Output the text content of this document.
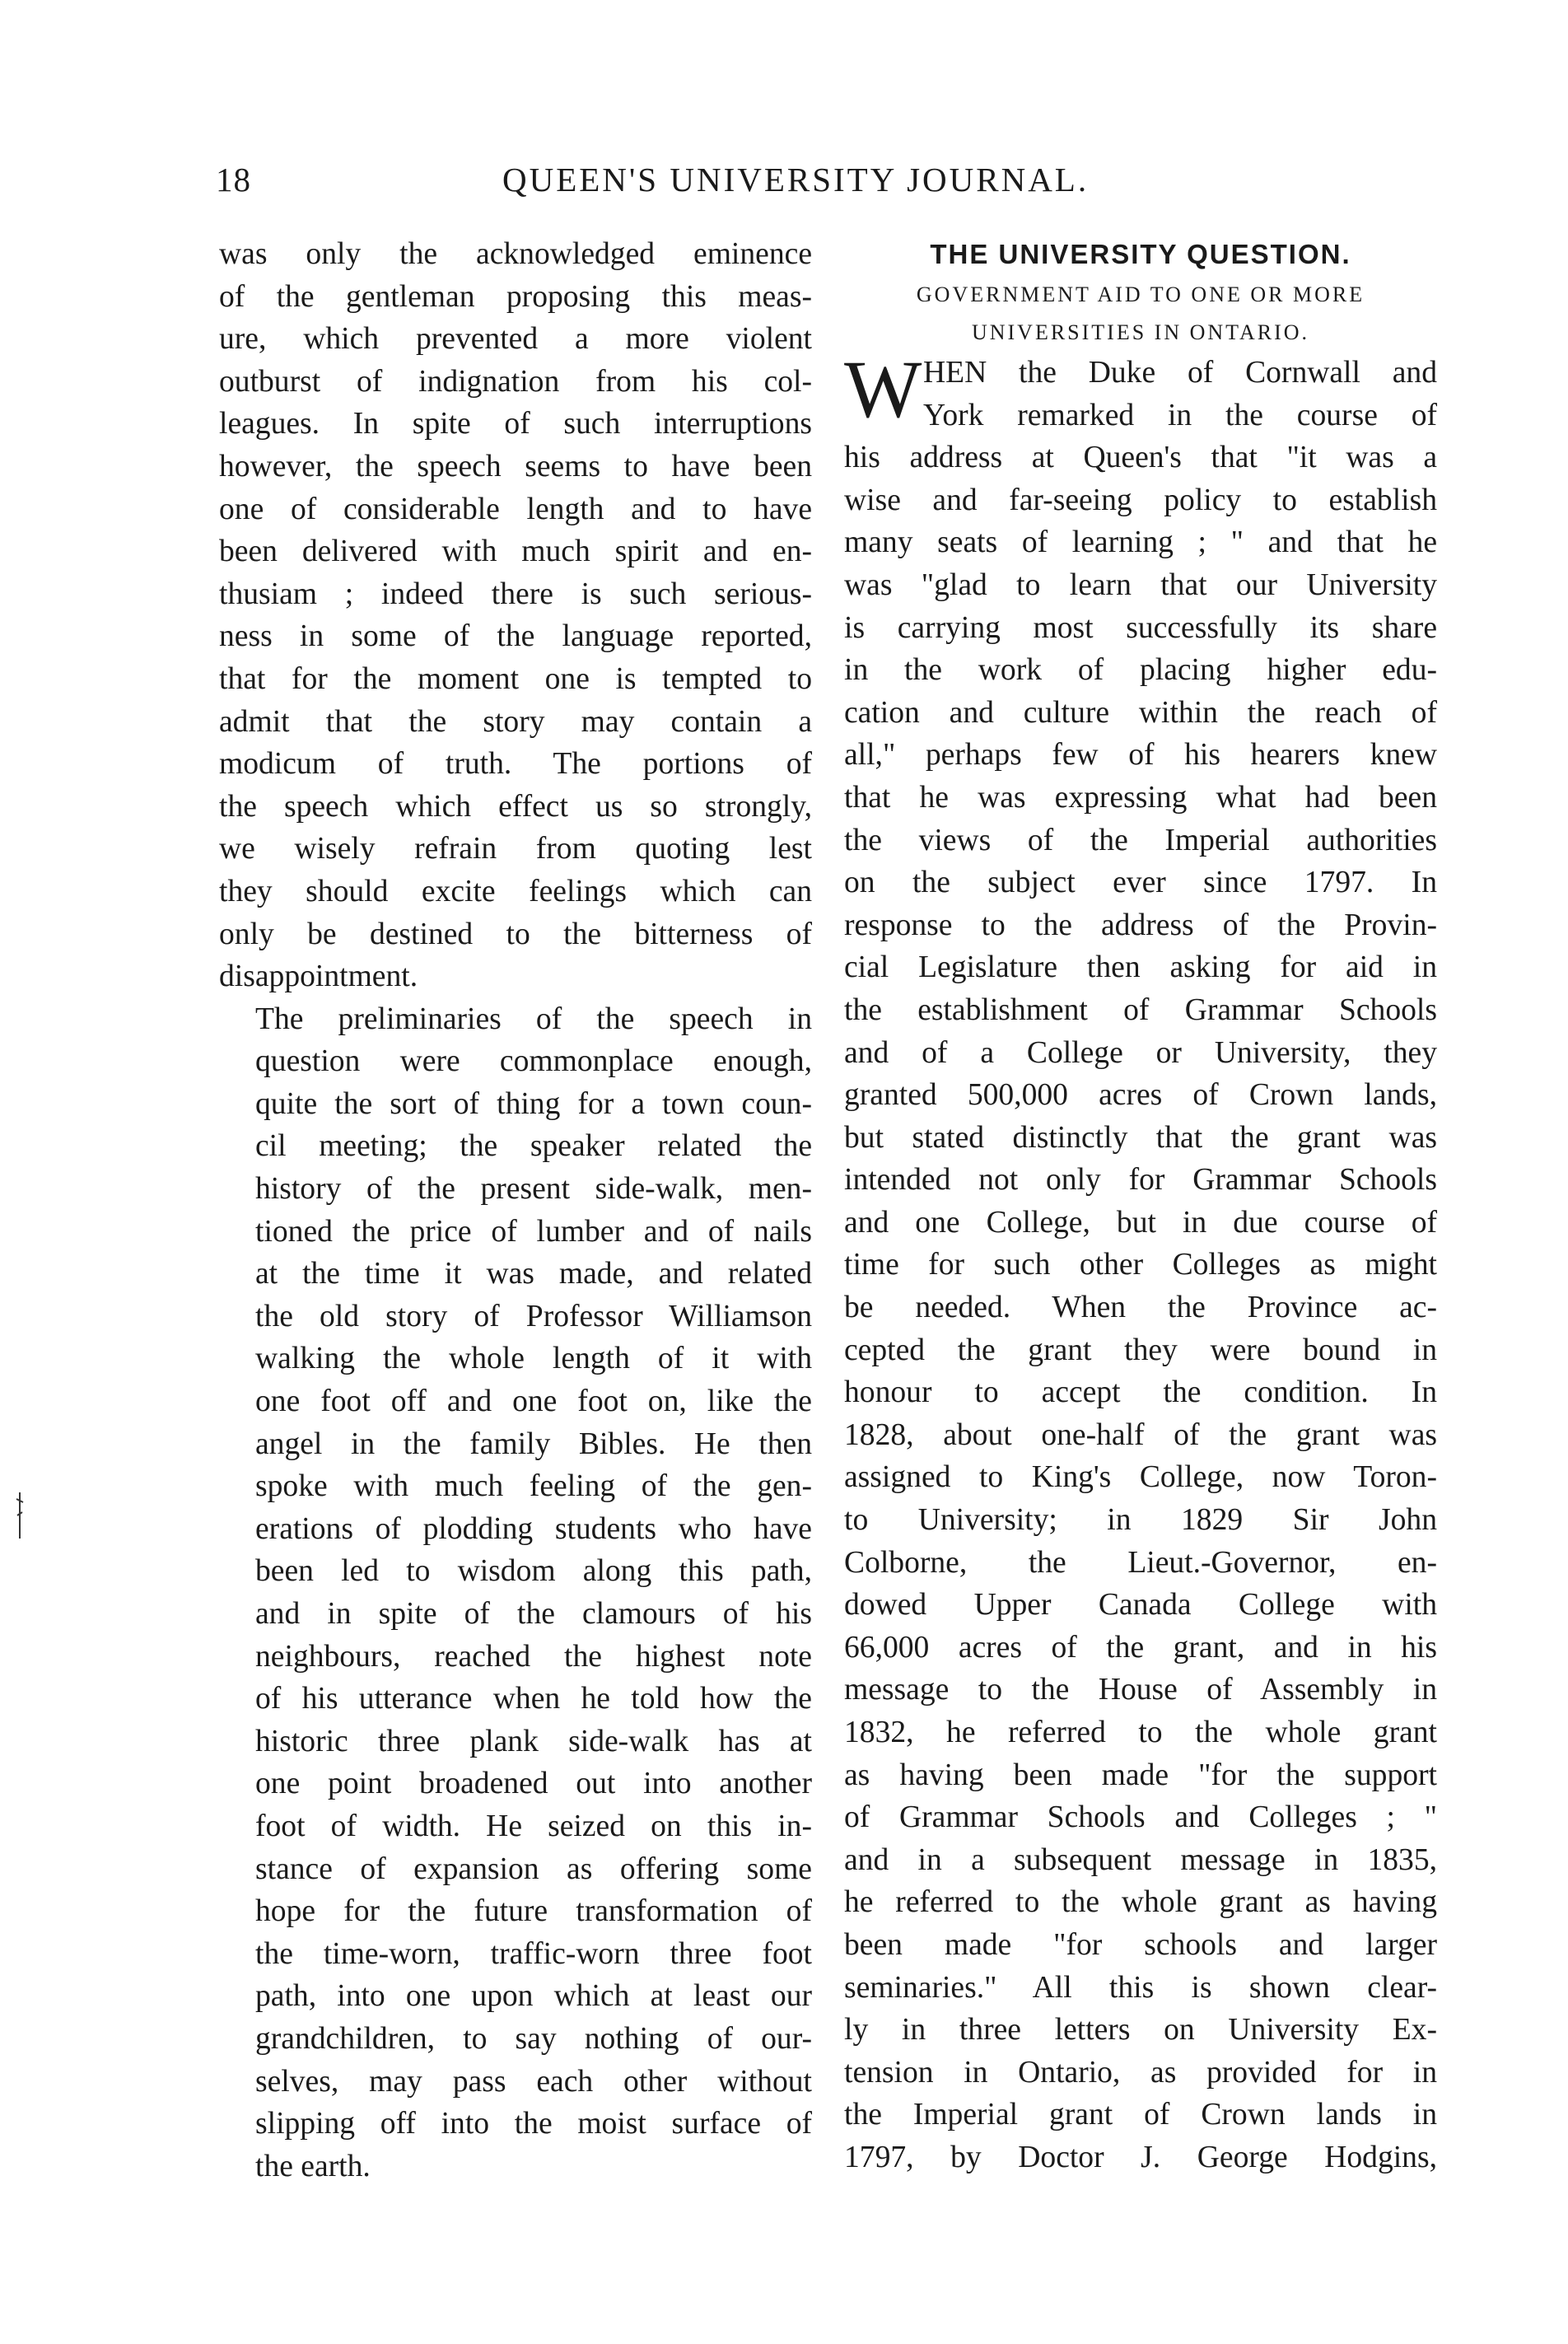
18	QUEEN'S UNIVERSITY JOURNAL.
was only the acknowledged eminence
of the gentleman proposing this meas-
ure, which prevented a more violent
outburst of indignation from his col-
leagues. In spite of such interruptions
however, the speech seems to have been
one of considerable length and to have
been delivered with much spirit and en-
thusiam ; indeed there is such serious-
ness in some of the language reported,
that for the moment one is tempted to
admit that the story may contain a
modicum of truth. The portions of
the speech which effect us so strongly,
we wisely refrain from quoting lest
they should excite feelings which can
only be destined to the bitterness of
disappointment.
The preliminaries of the speech in
question were commonplace enough,
quite the sort of thing for a town coun-
cil meeting; the speaker related the
history of the present side-walk, men-
tioned the price of lumber and of nails
at the time it was made, and related
the old story of Professor Williamson
walking the whole length of it with
one foot off and one foot on, like the
angel in the family Bibles. He then
spoke with much feeling of the gen-
erations of plodding students who have
been led to wisdom along this path,
and in spite of the clamours of his
neighbours, reached the highest note
of his utterance when he told how the
historic three plank side-walk has at
one point broadened out into another
foot of width. He seized on this in-
stance of expansion as offering some
hope for the future transformation of
the time-worn, traffic-worn three foot
path, into one upon which at least our
grandchildren, to say nothing of our-
selves, may pass each other without
slipping off into the moist surface of
the earth.
THE UNIVERSITY QUESTION.
GOVERNMENT AID TO ONE OR MORE
UNIVERSITIES IN ONTARIO.
W HEN the Duke of Cornwall and
York remarked in the course of
his address at Queen's that "it was a
wise and far-seeing policy to establish
many seats of learning ; " and that he
was "glad to learn that our University
is carrying most successfully its share
in the work of placing higher edu-
cation and culture within the reach of
all," perhaps few of his hearers knew
that he was expressing what had been
the views of the Imperial authorities
on the subject ever since 1797. In
response to the address of the Provin-
cial Legislature then asking for aid in
the establishment of Grammar Schools
and of a College or University, they
granted 500,000 acres of Crown lands,
but stated distinctly that the grant was
intended not only for Grammar Schools
and one College, but in due course of
time for such other Colleges as might
be needed. When the Province ac-
cepted the grant they were bound in
honour to accept the condition. In
1828, about one-half of the grant was
assigned to King's College, now Toron-
to University; in 1829 Sir John
Colborne, the Lieut.-Governor, en-
dowed Upper Canada College with
66,000 acres of the grant, and in his
message to the House of Assembly in
1832, he referred to the whole grant
as having been made "for the support
of Grammar Schools and Colleges ; "
and in a subsequent message in 1835,
he referred to the whole grant as having
been made "for schools and larger
seminaries." All this is shown clear-
ly in three letters on University Ex-
tension in Ontario, as provided for in
the Imperial grant of Crown lands in
1797, by Doctor J. George Hodgins,
